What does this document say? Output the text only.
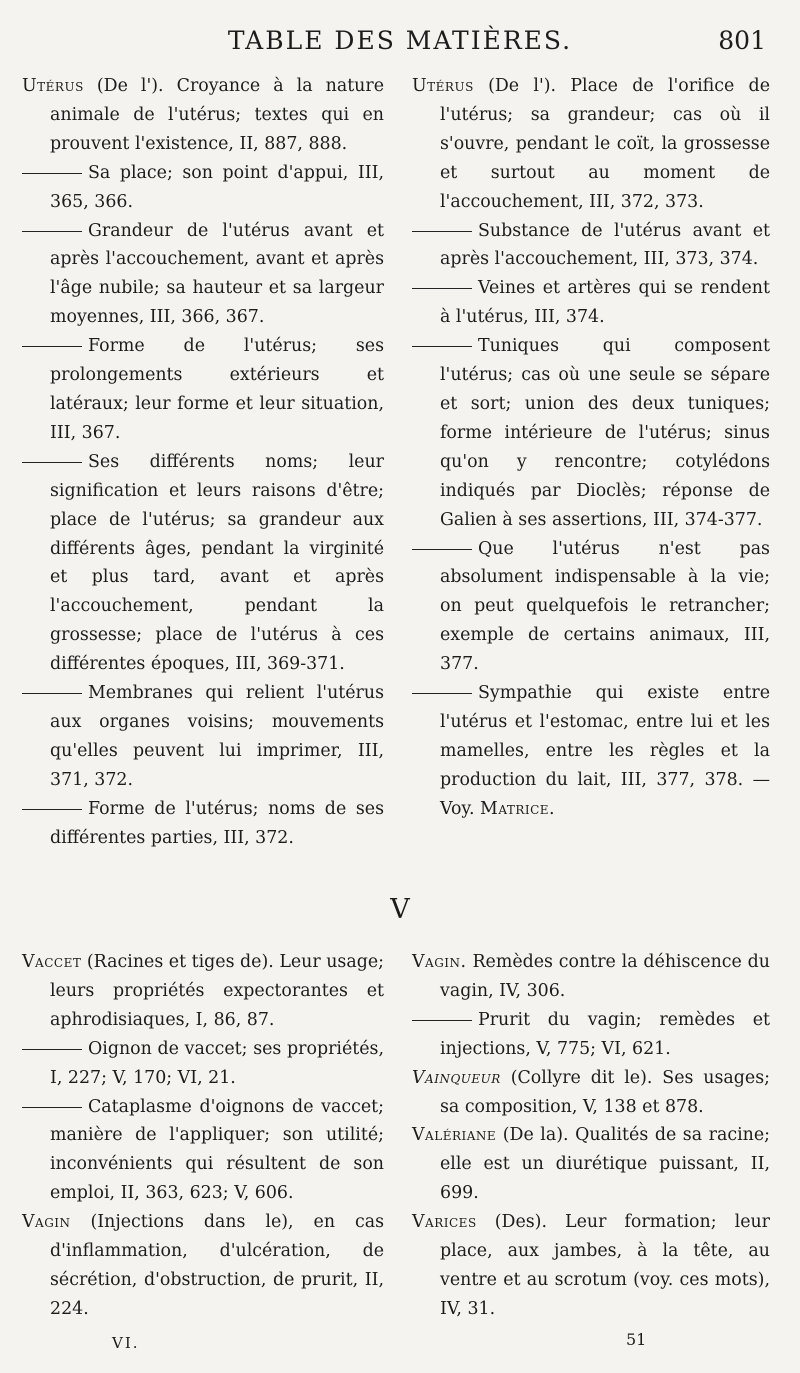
TABLE DES MATIÈRES.	801

Utérus (De l'). Croyance à la nature animale de l'utérus; textes qui en prouvent l'existence, II, 887, 888.

Sa place; son point d'appui, III, 365, 366.

Grandeur de l'utérus avant et après l'accouchement, avant et après l'âge nubile; sa hauteur et sa largeur moyennes, III, 366, 367.

Forme de l'utérus; ses prolongements extérieurs et latéraux; leur forme et leur situation, III, 367.

Ses différents noms; leur signification et leurs raisons d'être; place de l'utérus; sa grandeur aux différents âges, pendant la virginité et plus tard, avant et après l'accouchement, pendant la grossesse; place de l'utérus à ces différentes époques, III, 369-371.

Membranes qui relient l'utérus aux organes voisins; mouvements qu'elles peuvent lui imprimer, III, 371, 372.

Forme de l'utérus; noms de ses différentes parties, III, 372.

Utérus (De l'). Place de l'orifice de l'utérus; sa grandeur; cas où il s'ouvre, pendant le coït, la grossesse et surtout au moment de l'accouchement, III, 372, 373.

Substance de l'utérus avant et après l'accouchement, III, 373, 374.

Veines et artères qui se rendent à l'utérus, III, 374.

Tuniques qui composent l'utérus; cas où une seule se sépare et sort; union des deux tuniques; forme intérieure de l'utérus; sinus qu'on y rencontre; cotylédons indiqués par Dioclès; réponse de Galien à ses assertions, III, 374-377.

Que l'utérus n'est pas absolument indispensable à la vie; on peut quelquefois le retrancher; exemple de certains animaux, III, 377.

Sympathie qui existe entre l'utérus et l'estomac, entre lui et les mamelles, entre les règles et la production du lait, III, 377, 378. — Voy. Matrice.

V

Vaccet (Racines et tiges de). Leur usage; leurs propriétés expectorantes et aphrodisiaques, I, 86, 87.

Oignon de vaccet; ses propriétés, I, 227; V, 170; VI, 21.

Cataplasme d'oignons de vaccet; manière de l'appliquer; son utilité; inconvénients qui résultent de son emploi, II, 363, 623; V, 606.

Vagin (Injections dans le), en cas d'inflammation, d'ulcération, de sécrétion, d'obstruction, de prurit, II, 224.

Vagin. Remèdes contre la déhiscence du vagin, IV, 306.

Prurit du vagin; remèdes et injections, V, 775; VI, 621.

Vainqueur (Collyre dit le). Ses usages; sa composition, V, 138 et 878.

Valériane (De la). Qualités de sa racine; elle est un diurétique puissant, II, 699.

Varices (Des). Leur formation; leur place, aux jambes, à la tête, au ventre et au scrotum (voy. ces mots), IV, 31.

VI.	51
